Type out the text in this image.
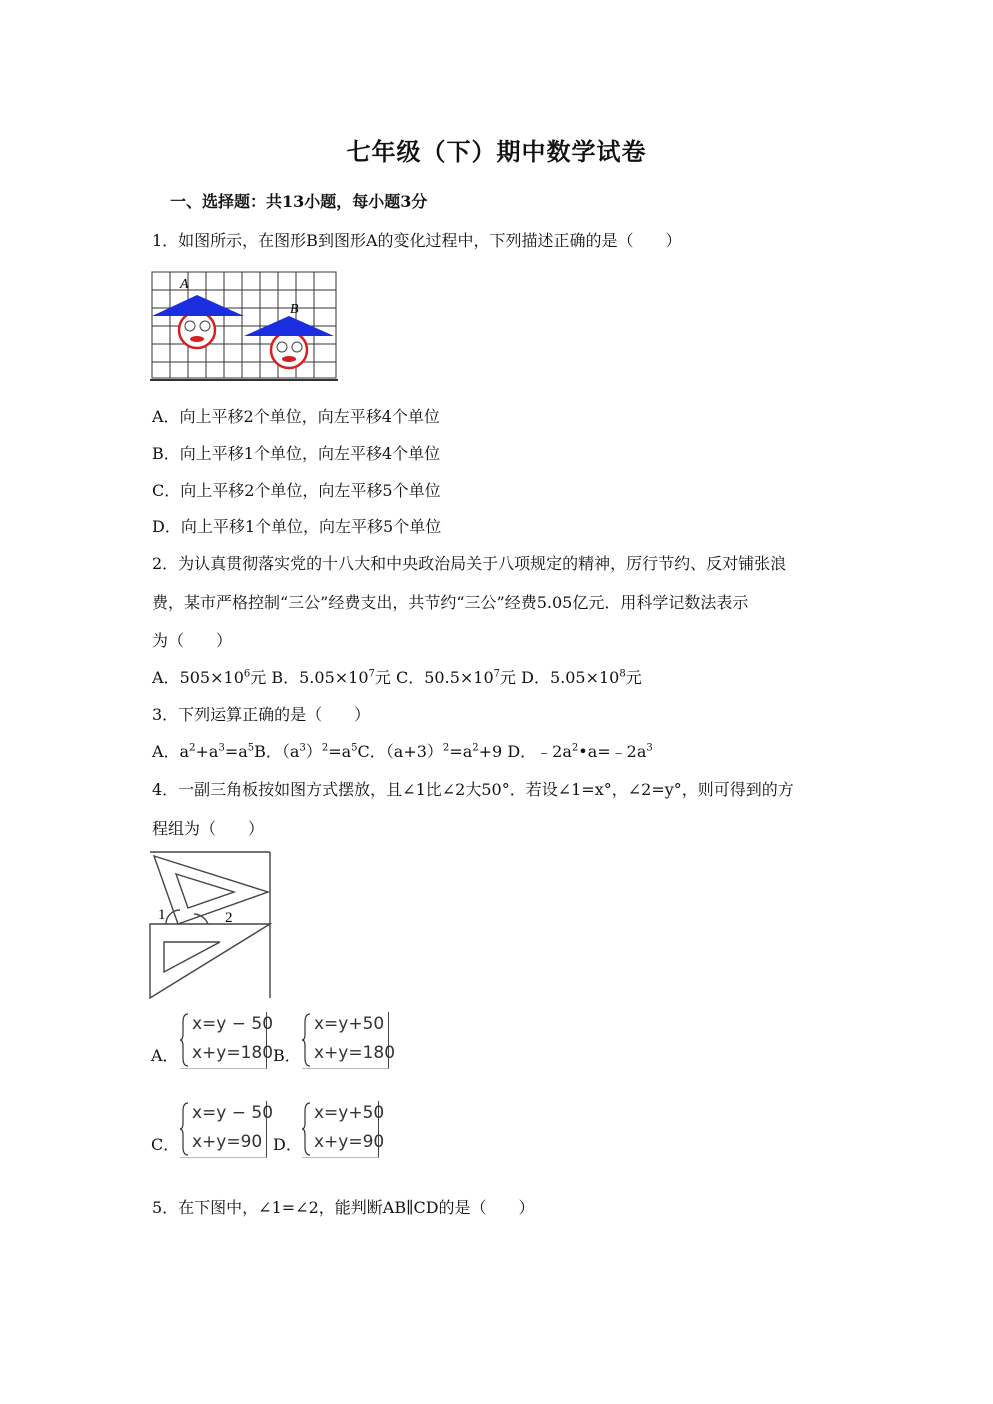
七年级（下）期中数学试卷
一、选择题：共13小题，每小题3分
1．如图所示，在图形B到图形A的变化过程中，下列描述正确的是（　　）
A
B
A．向上平移2个单位，向左平移4个单位
B．向上平移1个单位，向左平移4个单位
C．向上平移2个单位，向左平移5个单位
D．向上平移1个单位，向左平移5个单位
2．为认真贯彻落实党的十八大和中央政治局关于八项规定的精神，厉行节约、反对铺张浪
费，某市严格控制“三公”经费支出，共节约“三公”经费5.05亿元．用科学记数法表示
为（　　）
A．$505\times 10^6$元 B．$5.05\times 10^7$元 C．$50.5\times 10^7$元 D．$5.05\times 10^8$元
3．下列运算正确的是（　　）
A．$a^2+a^3=a^5B$．$(a^3)^2=a^5C$．$(a+3)^2=a^2+9$ D．$﹣2a^2•a=﹣2a^3$
4．一副三角板按如图方式摆放，且∠1比∠2大50°．若设∠1=x°，∠2=y°，则可得到的方
程组为（　　）
1	2
A．
x=y − 50
x+y=180 B．
x=y+50
x+y=180
C．
x=y − 50
x+y=90 D．
x=y+50
x+y=90
5．在下图中，∠1=∠2，能判断AB∥CD的是（　　）
